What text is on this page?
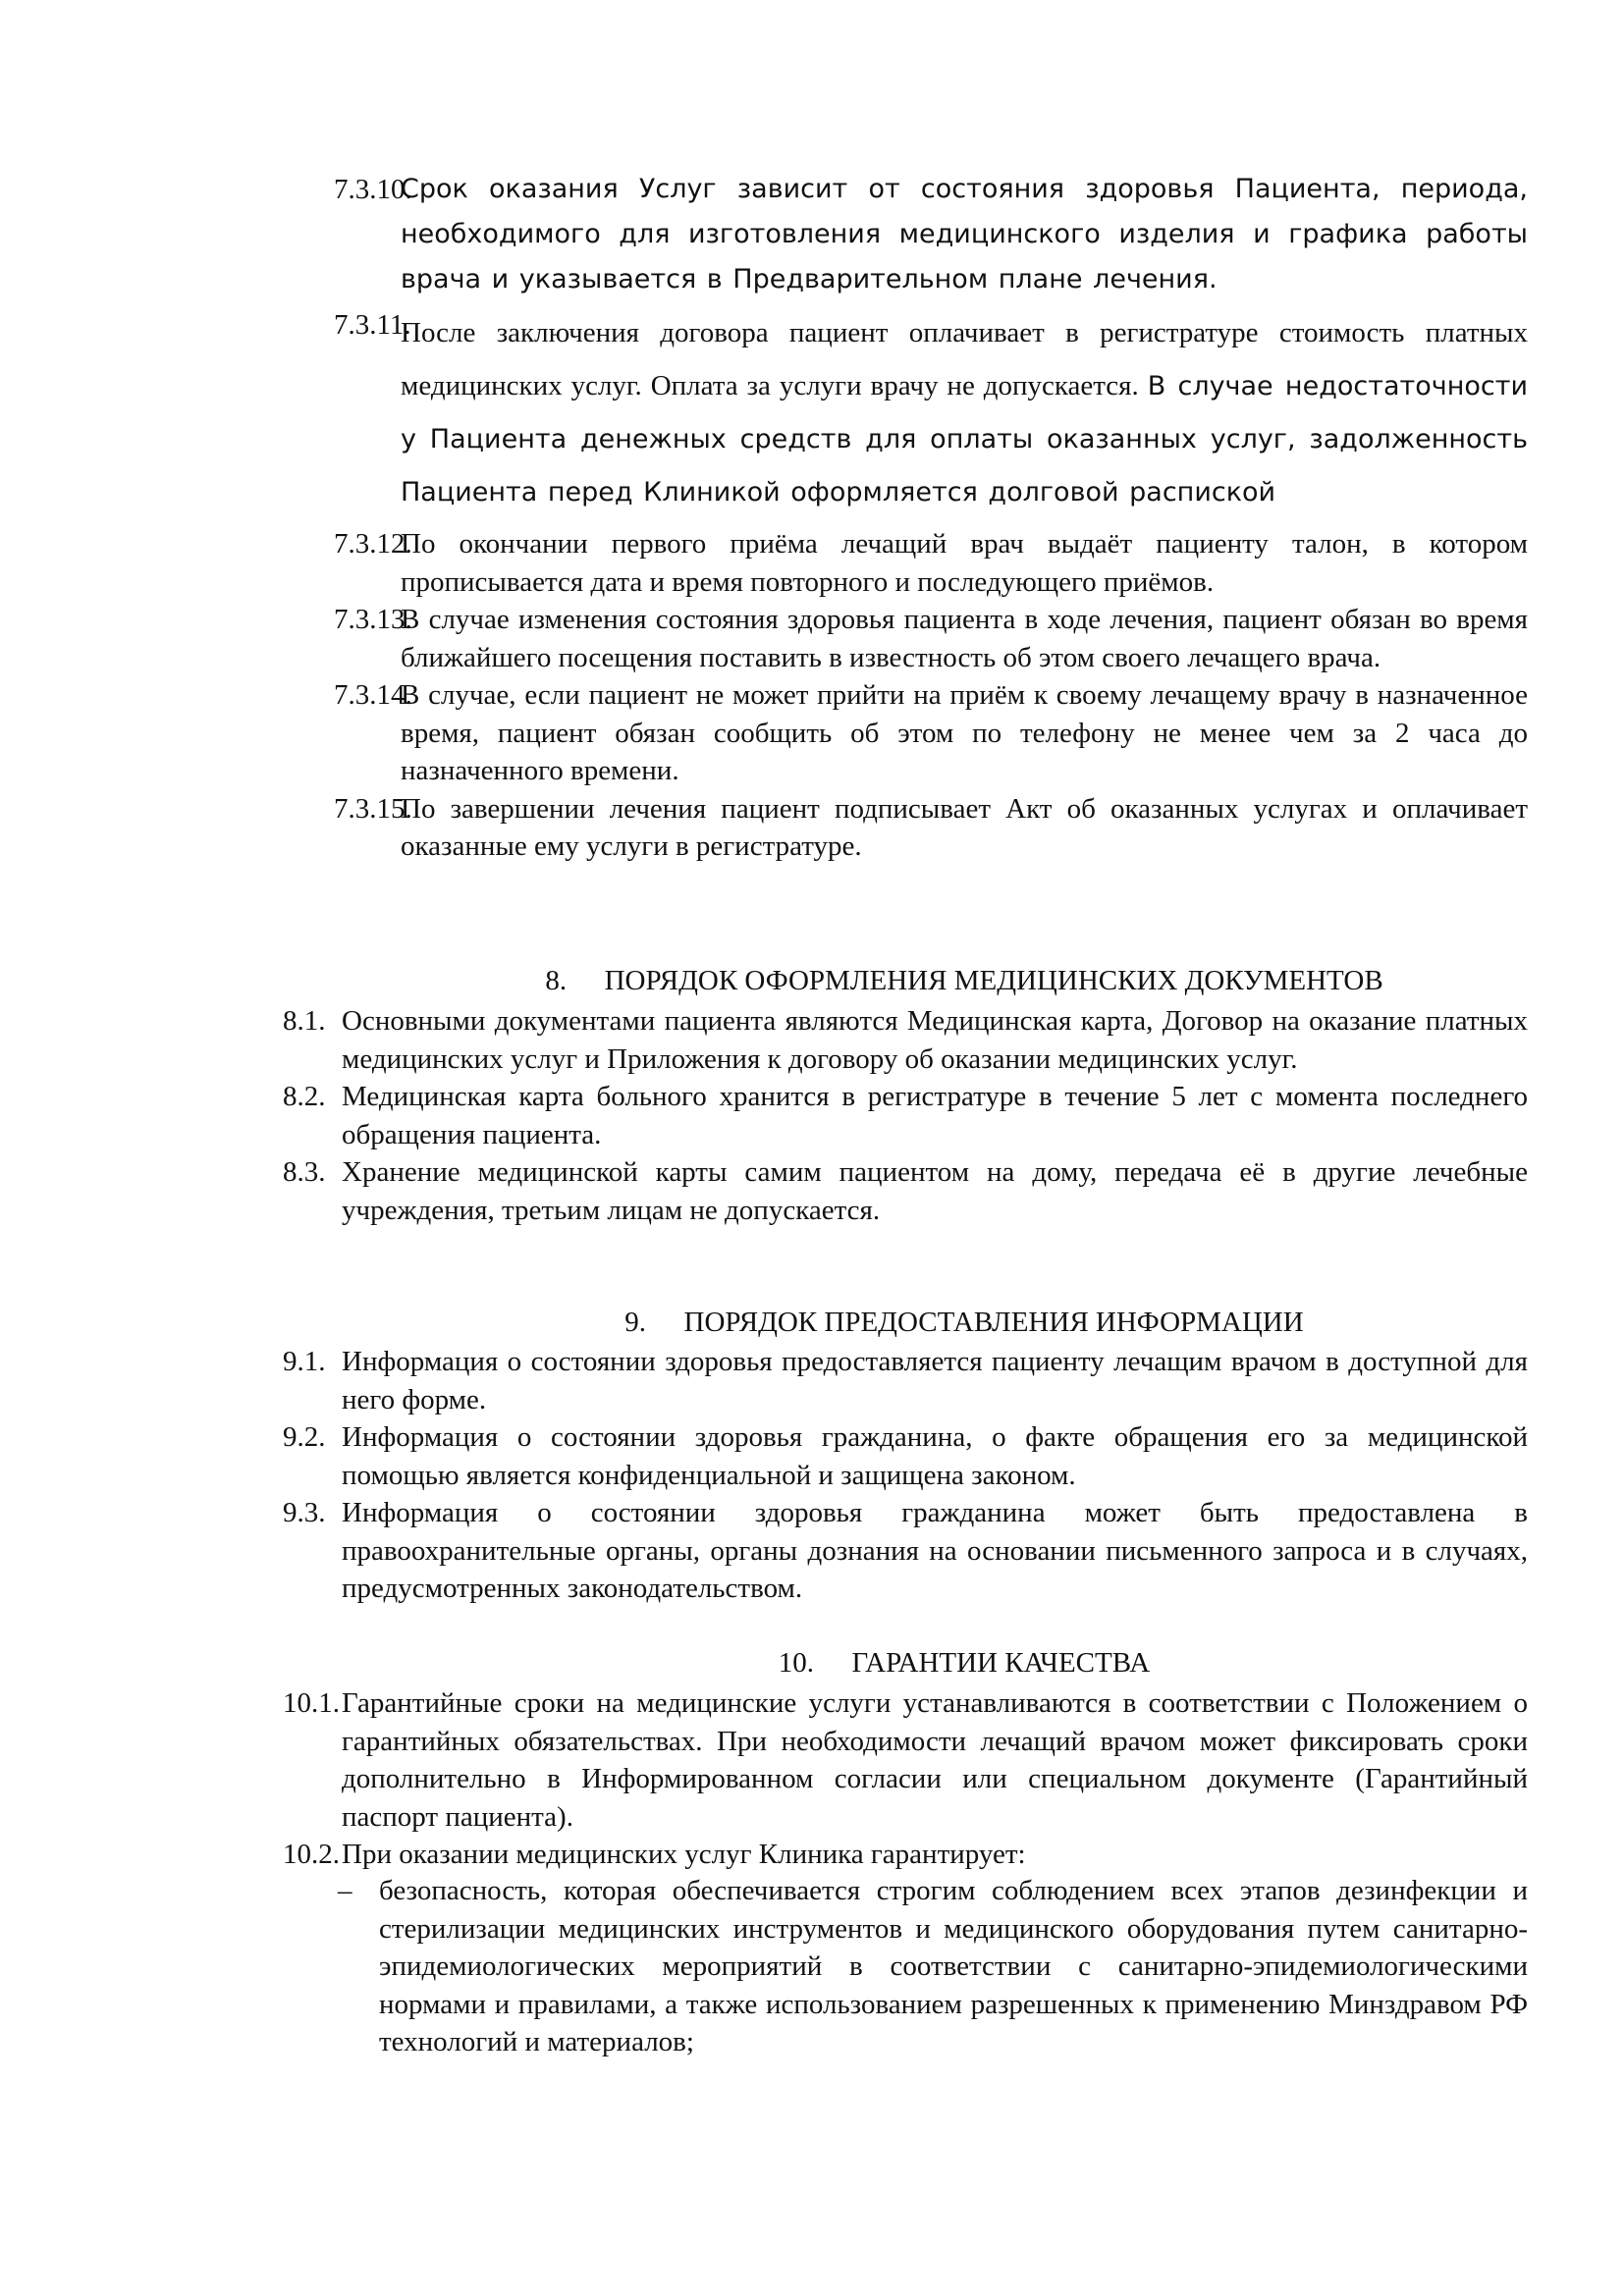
7.3.10.
Срок оказания Услуг зависит от состояния здоровья Пациента, периода, необходимого для изготовления медицинского изделия и графика работы врача и указывается в Предварительном плане лечения.
7.3.11.
После заключения договора пациент оплачивает в регистратуре стоимость платных медицинских услуг. Оплата за услуги врачу не допускается. В случае недостаточности у Пациента денежных средств для оплаты оказанных услуг, задолженность Пациента перед Клиникой оформляется долговой распиской
7.3.12.
По окончании первого приёма лечащий врач выдаёт пациенту талон, в котором прописывается дата и время повторного и последующего приёмов.
7.3.13.
В случае изменения состояния здоровья пациента в ходе лечения, пациент обязан во время ближайшего посещения поставить в известность об этом своего лечащего врача.
7.3.14.
В случае, если пациент не может прийти на приём к своему лечащему врачу в назначенное время, пациент обязан сообщить об этом по телефону не менее чем за 2 часа до назначенного времени.
7.3.15.
По завершении лечения пациент подписывает Акт об оказанных услугах и оплачивает оказанные ему услуги в регистратуре.
8. ПОРЯДОК ОФОРМЛЕНИЯ МЕДИЦИНСКИХ ДОКУМЕНТОВ
8.1. Основными документами пациента являются Медицинская карта, Договор на оказание платных медицинских услуг и Приложения к договору об оказании медицинских услуг.
8.2. Медицинская карта больного хранится в регистратуре в течение 5 лет с момента последнего обращения пациента.
8.3. Хранение медицинской карты самим пациентом на дому, передача её в другие лечебные учреждения, третьим лицам не допускается.
9. ПОРЯДОК ПРЕДОСТАВЛЕНИЯ ИНФОРМАЦИИ
9.1. Информация о состоянии здоровья предоставляется пациенту лечащим врачом в доступной для него форме.
9.2. Информация о состоянии здоровья гражданина, о факте обращения его за медицинской помощью является конфиденциальной и защищена законом.
9.3. Информация о состоянии здоровья гражданина может быть предоставлена в правоохранительные органы, органы дознания на основании письменного запроса и в случаях, предусмотренных законодательством.
10. ГАРАНТИИ КАЧЕСТВА
10.1. Гарантийные сроки на медицинские услуги устанавливаются в соответствии с Положением о гарантийных обязательствах. При необходимости лечащий врачом может фиксировать сроки дополнительно в Информированном согласии или специальном документе (Гарантийный паспорт пациента).
10.2. При оказании медицинских услуг Клиника гарантирует:
– безопасность, которая обеспечивается строгим соблюдением всех этапов дезинфекции и стерилизации медицинских инструментов и медицинского оборудования путем санитарно-эпидемиологических мероприятий в соответствии с санитарно-эпидемиологическими нормами и правилами, а также использованием разрешенных к применению Минздравом РФ технологий и материалов;
